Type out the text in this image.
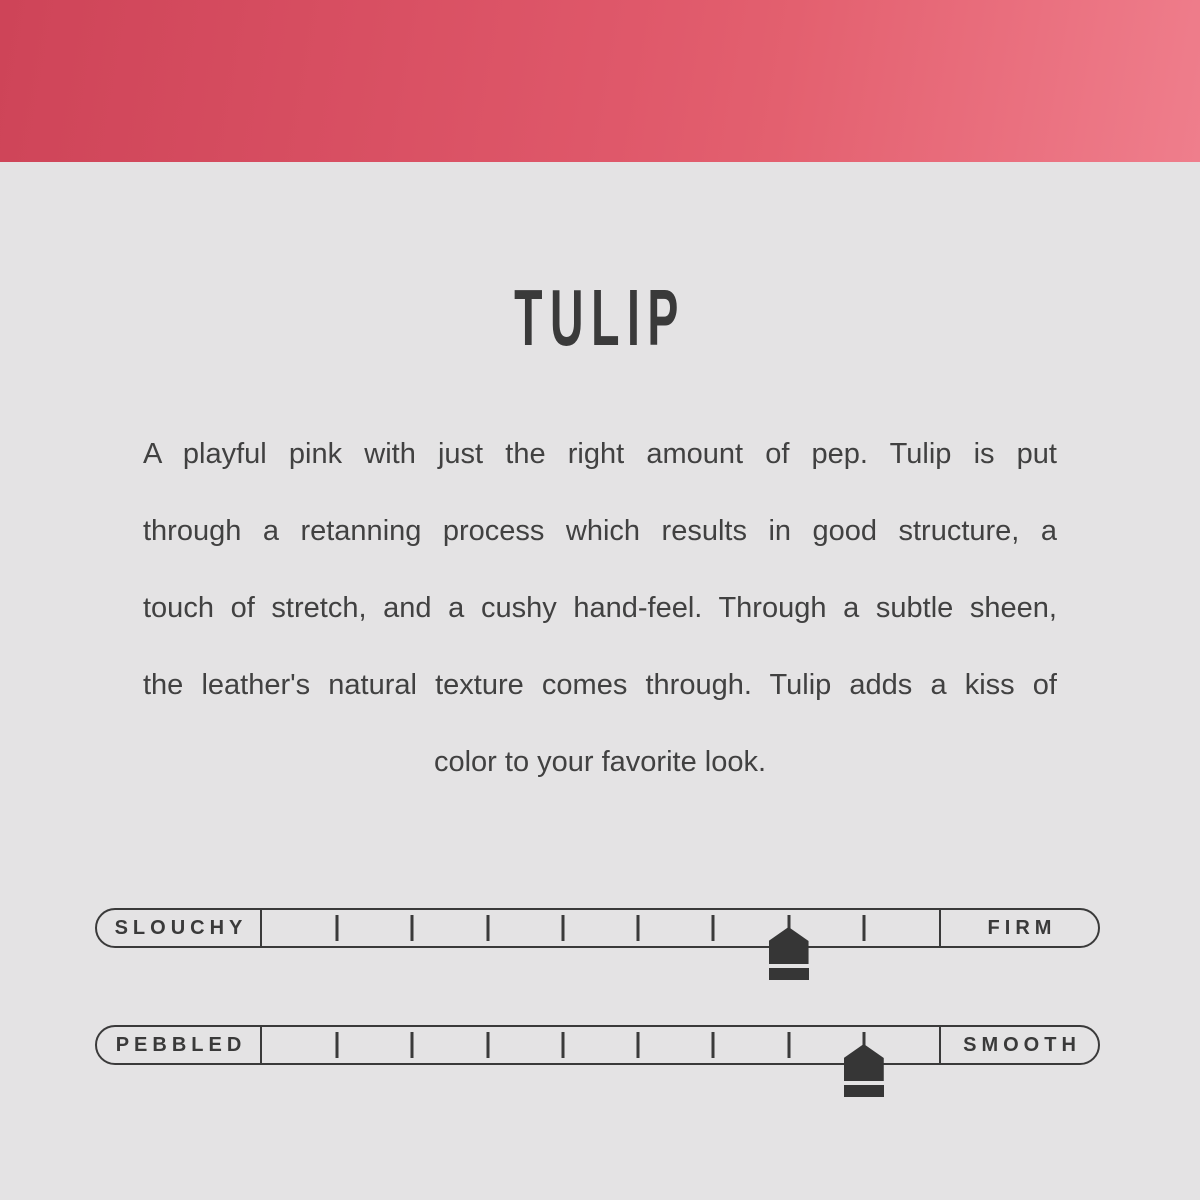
TULIP
A playful pink with just the right amount of pep. Tulip is put
through a retanning process which results in good structure, a
touch of stretch, and a cushy hand-feel. Through a subtle sheen,
the leather's natural texture comes through. Tulip adds a kiss of
color to your favorite look.
SLOUCHY	FIRM
PEBBLED	SMOOTH
